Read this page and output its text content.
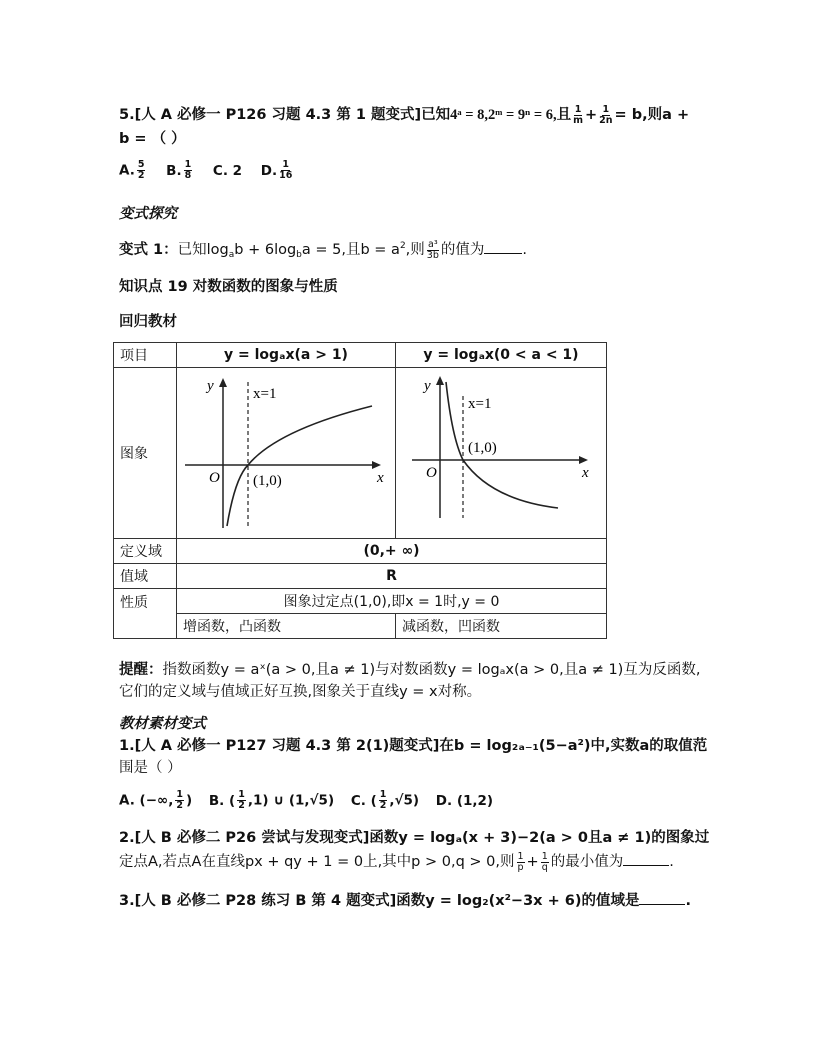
5.[人 A 必修一 P126 习题 4.3 第 1 题变式]已知4ᵃ = 8,2ᵐ = 9ⁿ = 6,且 $\frac{1}{m} + \frac{1}{2n} = b$,则a +
b = （ ）
A. $\frac{5}{2} B$. $\frac{1}{8} C$. 2 D. $\frac{1}{16}$
变式探究
变式 1：已知$\log_ab + 6\log_ba = 5$,且$b = a^2$,则 $\frac{\text{a³}}{3b}$ 的值为	.
知识点 19 对数函数的图象与性质
回归教材
项目	y = logₐx(a > 1)	y = logₐx(0 < a < 1)
图象	y
x
O
x=1
(1,0)	y
x
O
x=1
(1,0)

定义域	(0,+ ∞)	
值域	R	
性质	图象过定点(1,0),即x = 1时,y = 0	
	增函数，凸函数	减函数，凹函数
提醒：指数函数y = aˣ(a > 0,且a ≠ 1)与对数函数y = logₐx(a > 0,且a ≠ 1)互为反函数,
它们的定义域与值域正好互换,图象关于直线y = x对称。
教材素材变式
1.[人 A 必修一 P127 习题 4.3 第 2(1)题变式]在b = log₂ₐ₋₁(5−a²)中,实数a的取值范
围是（ ）
A. (−∞, $\frac{1}{2}$ ) B. ( $\frac{1}{2} ,1$) ∪ (1,√5) C. ( $\frac{1}{2} ,√5$) D. (1,2)
2.[人 B 必修二 P26 尝试与发现变式]函数y = logₐ(x + 3)−2(a > 0且a ≠ 1)的图象过
定点A,若点A在直线px + qy + 1 = 0上,其中p > 0,q > 0,则 $\frac{1}{p} + \frac{1}{q}$ 的最小值为	.
3.[人 B 必修二 P28 练习 B 第 4 题变式]函数y = log₂(x²−3x + 6)的值域是	.
